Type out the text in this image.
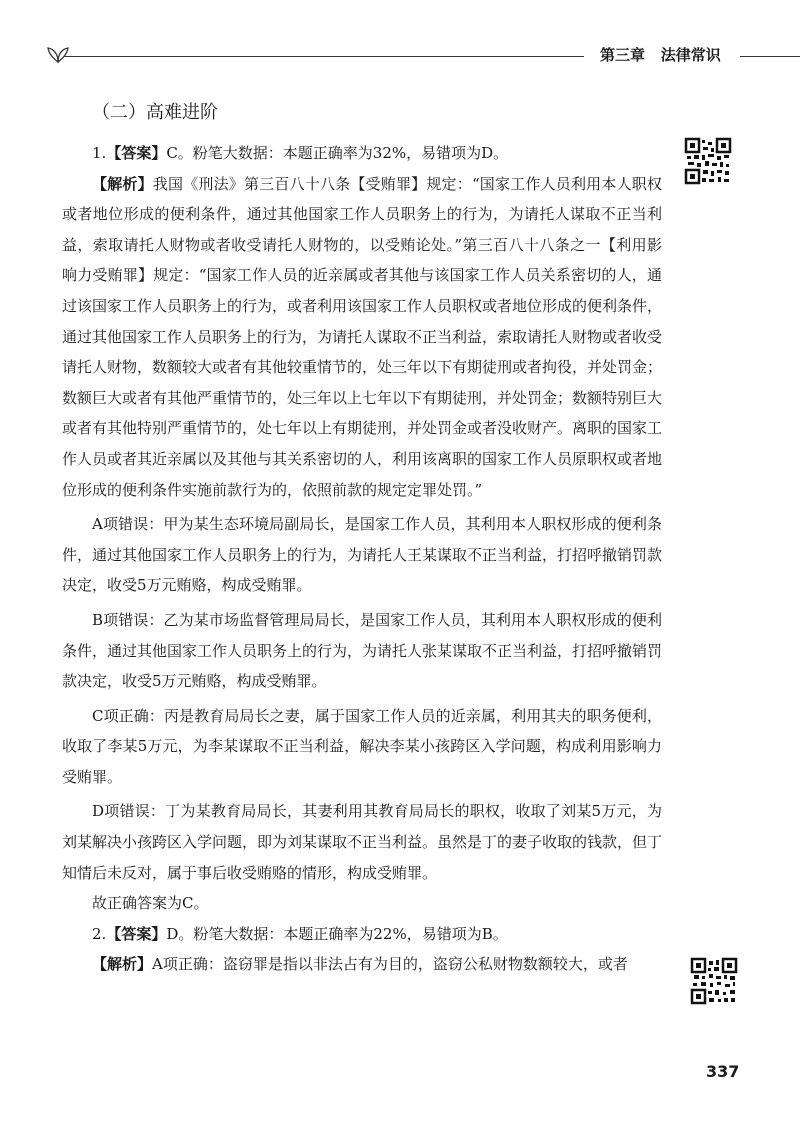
第三章 法律常识
（二）高难进阶

1.【答案】C。粉笔大数据：本题正确率为32%，易错项为D。

【解析】我国《刑法》第三百八十八条【受贿罪】规定：“国家工作人员利用本人职权或者地位形成的便利条件，通过其他国家工作人员职务上的行为，为请托人谋取不正当利益，索取请托人财物或者收受请托人财物的，以受贿论处。”第三百八十八条之一【利用影响力受贿罪】规定：“国家工作人员的近亲属或者其他与该国家工作人员关系密切的人，通过该国家工作人员职务上的行为，或者利用该国家工作人员职权或者地位形成的便利条件，通过其他国家工作人员职务上的行为，为请托人谋取不正当利益，索取请托人财物或者收受请托人财物，数额较大或者有其他较重情节的，处三年以下有期徒刑或者拘役，并处罚金；数额巨大或者有其他严重情节的，处三年以上七年以下有期徒刑，并处罚金；数额特别巨大或者有其他特别严重情节的，处七年以上有期徒刑，并处罚金或者没收财产。离职的国家工作人员或者其近亲属以及其他与其关系密切的人，利用该离职的国家工作人员原职权或者地位形成的便利条件实施前款行为的，依照前款的规定定罪处罚。”

A项错误：甲为某生态环境局副局长，是国家工作人员，其利用本人职权形成的便利条件，通过其他国家工作人员职务上的行为，为请托人王某谋取不正当利益，打招呼撤销罚款决定，收受5万元贿赂，构成受贿罪。

B项错误：乙为某市场监督管理局局长，是国家工作人员，其利用本人职权形成的便利条件，通过其他国家工作人员职务上的行为，为请托人张某谋取不正当利益，打招呼撤销罚款决定，收受5万元贿赂，构成受贿罪。

C项正确：丙是教育局局长之妻，属于国家工作人员的近亲属，利用其夫的职务便利，收取了李某5万元，为李某谋取不正当利益，解决李某小孩跨区入学问题，构成利用影响力受贿罪。

D项错误：丁为某教育局局长，其妻利用其教育局局长的职权，收取了刘某5万元，为刘某解决小孩跨区入学问题，即为刘某谋取不正当利益。虽然是丁的妻子收取的钱款，但丁知情后未反对，属于事后收受贿赂的情形，构成受贿罪。

故正确答案为C。

2.【答案】D。粉笔大数据：本题正确率为22%，易错项为B。

【解析】A项正确：盗窃罪是指以非法占有为目的，盗窃公私财物数额较大，或者

337
